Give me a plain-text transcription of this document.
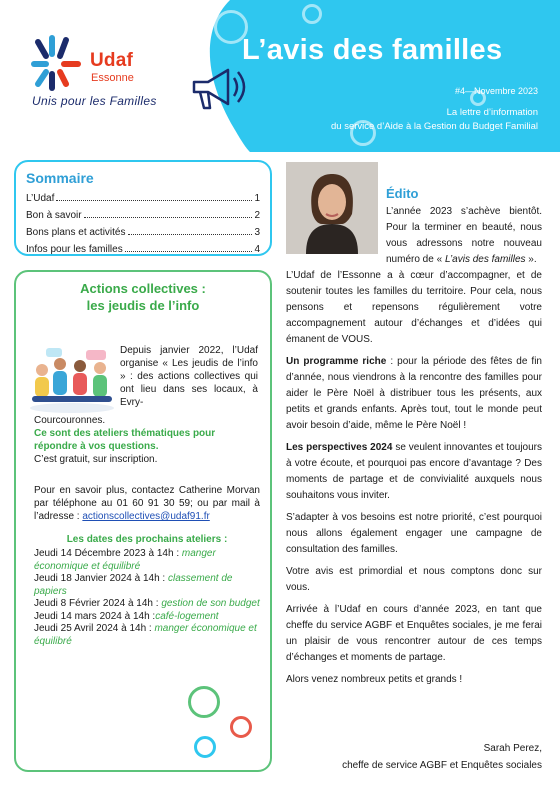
Udaf
Essonne
Unis pour les Familles
L’avis des familles
#4—Novembre 2023
La lettre d’information
du service d’Aide à la Gestion du Budget Familial
Sommaire
L’Udaf	1
Bon à savoir	2
Bons plans et activités	3
Infos pour les familles	4
Actions collectives :
les jeudis de l’info
Depuis janvier 2022, l’Udaf organise « Les jeudis de l’info » : des actions collectives qui ont lieu dans ses locaux, à Evry-
Courcouronnes.
Ce sont des ateliers thématiques pour répondre à vos questions.
C’est gratuit, sur inscription.
Pour en savoir plus, contactez Catherine Morvan par téléphone au 01 60 91 30 59; ou par mail à l’adresse : actionscollectives@udaf91.fr
Les dates des prochains ateliers :
Jeudi 14 Décembre 2023 à 14h : manger économique et équilibré
Jeudi 18 Janvier 2024 à 14h : classement de papiers
Jeudi 8 Février 2024 à 14h : gestion de son budget
Jeudi 14 mars 2024 à 14h :café-logement
Jeudi 25 Avril 2024 à 14h : manger économique et équilibré
Édito
L’année 2023 s’achève bientôt. Pour la terminer en beauté, nous vous adressons notre nouveau numéro de « L’avis des familles ».

L’Udaf de l’Essonne a à cœur d’accompagner, et de soutenir toutes les familles du territoire. Pour cela, nous pensons et repensons régulièrement votre accompagnement autour d’échanges et d’idées qui émanent de VOUS.

Un programme riche : pour la période des fêtes de fin d’année, nous viendrons à la rencontre des familles pour aider le Père Noël à distribuer tous les présents, aux petits et grands enfants. Après tout, tout le monde peut avoir besoin d’aide, même le Père Noël !

Les perspectives 2024 se veulent innovantes et toujours à votre écoute, et pourquoi pas encore d’avantage ? Des moments de partage et de convivialité auxquels nous souhaitons vous inviter.

S’adapter à vos besoins est notre priorité, c’est pourquoi nous allons également engager une campagne de consultation des familles.

Votre avis est primordial et nous comptons donc sur vous.

Arrivée à l’Udaf en cours d’année 2023, en tant que cheffe du service AGBF et Enquêtes sociales, je me ferai un plaisir de vous rencontrer autour de ces temps d’échanges et moments de partage.

Alors venez nombreux petits et grands !

Sarah Perez,
cheffe de service AGBF et Enquêtes sociales
